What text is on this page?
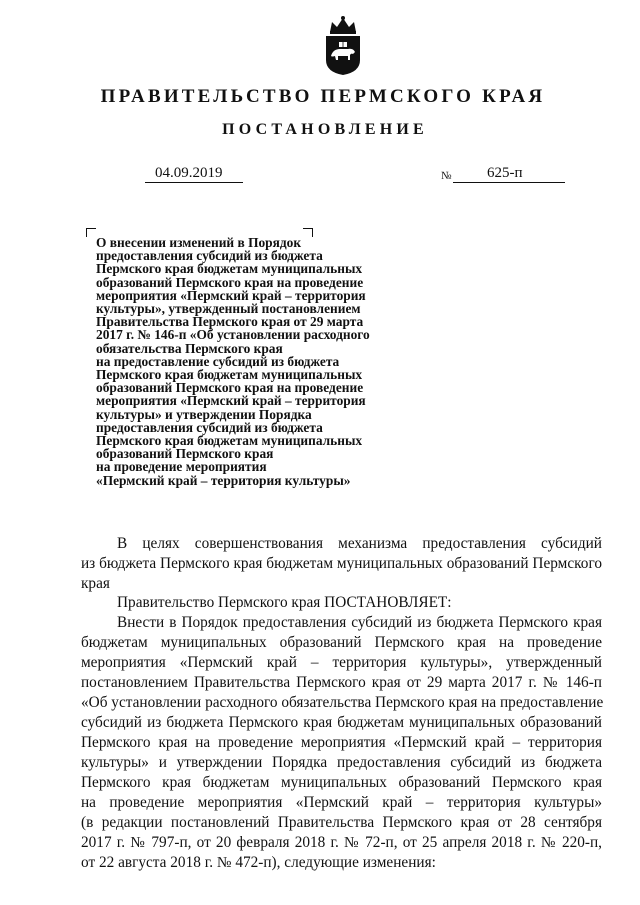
ПРАВИТЕЛЬСТВО ПЕРМСКОГО КРАЯ
ПОСТАНОВЛЕНИЕ
04.09.2019	№	625-п
О внесении изменений в Порядок
предоставления субсидий из бюджета
Пермского края бюджетам муниципальных
образований Пермского края на проведение
мероприятия «Пермский край – территория
культуры», утвержденный постановлением
Правительства Пермского края от 29 марта
2017 г. № 146-п «Об установлении расходного
обязательства Пермского края
на предоставление субсидий из бюджета
Пермского края бюджетам муниципальных
образований Пермского края на проведение
мероприятия «Пермский край – территория
культуры» и утверждении Порядка
предоставления субсидий из бюджета
Пермского края бюджетам муниципальных
образований Пермского края
на проведение мероприятия
«Пермский край – территория культуры»
В целях совершенствования механизма предоставления субсидий
из бюджета Пермского края бюджетам муниципальных образований Пермского
края
Правительство Пермского края ПОСТАНОВЛЯЕТ:
Внести в Порядок предоставления субсидий из бюджета Пермского края
бюджетам муниципальных образований Пермского края на проведение
мероприятия «Пермский край – территория культуры», утвержденный
постановлением Правительства Пермского края от 29 марта 2017 г. № 146-п
«Об установлении расходного обязательства Пермского края на предоставление
субсидий из бюджета Пермского края бюджетам муниципальных образований
Пермского края на проведение мероприятия «Пермский край – территория
культуры» и утверждении Порядка предоставления субсидий из бюджета
Пермского края бюджетам муниципальных образований Пермского края
на проведение мероприятия «Пермский край – территория культуры»
(в редакции постановлений Правительства Пермского края от 28 сентября
2017 г. № 797-п, от 20 февраля 2018 г. № 72-п, от 25 апреля 2018 г. № 220-п,
от 22 августа 2018 г. № 472-п), следующие изменения:
